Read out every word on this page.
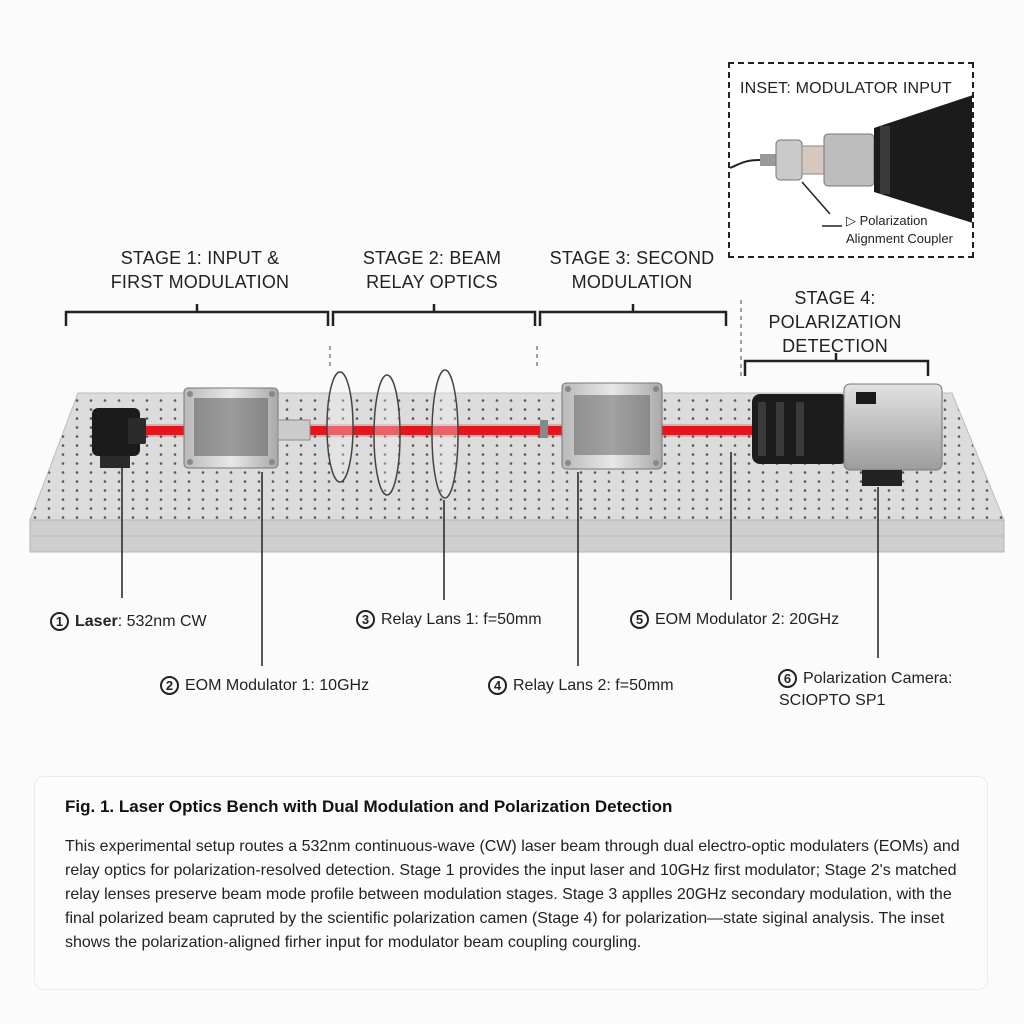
STAGE 1: INPUT &
FIRST MODULATION
STAGE 2: BEAM
RELAY OPTICS
STAGE 3: SECOND
MODULATION
STAGE 4:
POLARIZATION
DETECTION
1 Laser: 532nm CW
2 EOM Modulator 1: 10GHz
3 Relay Lans 1: f=50mm
4 Relay Lans 2: f=50mm
5 EOM Modulator 2: 20GHz
6 Polarization Camera:
SCIOPTO SP1
INSET: MODULATOR INPUT
▷ Polarization
Alignment Coupler
Fig. 1. Laser Optics Bench with Dual Modulation and Polarization Detection
This experimental setup routes a 532nm continuous-wave (CW) laser beam through dual electro-optic modulaters (EOMs) and relay optics for polarization-resolved detection. Stage 1 provides the input laser and 10GHz first modulator; Stage 2's matched relay lenses preserve beam mode profile between modulation stages. Stage 3 applles 20GHz secondary modulation, with the final polarized beam capruted by the scientific polarization camen (Stage 4) for polarization—state siginal analysis. The inset shows the polarization-aligned firher input for modulator beam coupling courgling.
